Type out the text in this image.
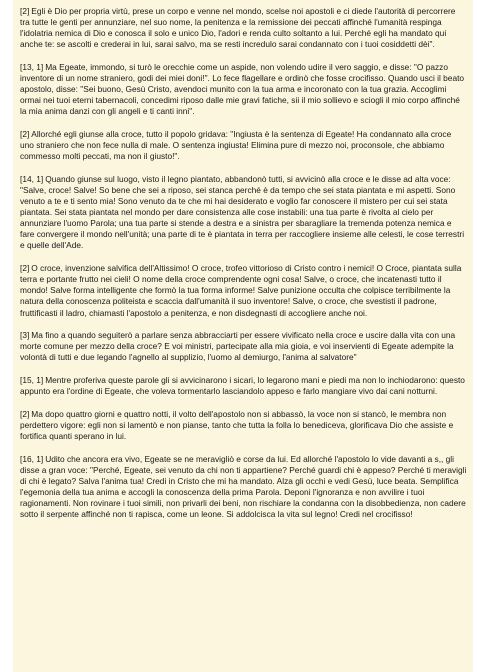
[2] Egli è Dio per propria virtù, prese un corpo e venne nel mondo, scelse noi apostoli e ci diede l'autorità di percorrere tra tutte le genti per annunziare, nel suo nome, la penitenza e la remissione dei peccati affinché l'umanità respinga l'idolatria nemica di Dio e conosca il solo e unico Dio, l'adori e renda culto soltanto a lui. Perché egli ha mandato qui anche te: se ascolti e crederai in lui, sarai salvo, ma se resti incredulo sarai condannato con i tuoi cosiddetti dèi".

[13, 1] Ma Egeate, immondo, si turò le orecchie come un aspide, non volendo udire il vero saggio, e disse: "O pazzo inventore di un nome straniero, godi dei miei doni!". Lo fece flagellare e ordinò che fosse crocifisso. Quando usci il beato apostolo, disse: "Sei buono, Gesù Cristo, avendoci munito con la tua arma e incoronato con la tua grazia. Accoglimi ormai nei tuoi eterni tabernacoli, concedimi riposo dalle mie gravi fatiche, sii il mio sollievo e sciogli il mio corpo affinché la mia anima danzi con gli angeli e ti canti inni".

[2] Allorché egli giunse alla croce, tutto il popolo gridava: "Ingiusta è la sentenza di Egeate! Ha condannato alla croce uno straniero che non fece nulla di male. O sentenza ingiusta! Elimina pure di mezzo noi, proconsole, che abbiamo commesso molti peccati, ma non il giusto!".

[14, 1] Quando giunse sul luogo, visto il legno piantato, abbandonò tutti, si avvicinò alla croce e le disse ad alta voce: "Salve, croce! Salve! So bene che sei a riposo, sei stanca perché è da tempo che sei stata piantata e mi aspetti. Sono venuto a te e ti sento mia! Sono venuto da te che mi hai desiderato e voglio far conoscere il mistero per cui sei stata piantata. Sei stata piantata nel mondo per dare consistenza alle cose instabili: una tua parte è rivolta al cielo per annunziare l'uomo Parola; una tua parte si stende a destra e a sinistra per sbaragliare la tremenda potenza nemica e fare convergere il mondo nell'unità; una parte di te è piantata in terra per raccogliere insieme alle celesti, le cose terrestri e quelle dell'Ade.

[2] O croce, invenzione salvifica dell'Altissimo! O croce, trofeo vittorioso di Cristo contro i nemici! O Croce, piantata sulla terra e portante frutto nei cieli! O nome della croce comprendente ogni cosa! Salve, o croce, che incatenasti tutto il mondo! Salve forma intelligente che formò la tua forma informe! Salve punizione occulta che colpisce terribilmente la natura della conoscenza politeista e scaccia dall'umanità il suo inventore! Salve, o croce, che svestisti il padrone, fruttificasti il ladro, chiamasti l'apostolo a penitenza, e non disdegnasti di accogliere anche noi.

[3] Ma fino a quando seguiterò a parlare senza abbracciarti per essere vivificato nella croce e uscire dalla vita con una morte comune per mezzo della croce? E voi ministri, partecipate alla mia gioia, e voi inservienti di Egeate adempite la volontà di tutti e due legando l'agnello al supplizio, l'uomo al demiurgo, l'anima al salvatore"

[15, 1] Mentre proferiva queste parole gli si avvicinarono i sicari, lo legarono mani e piedi ma non lo inchiodarono: questo appunto era l'ordine di Egeate, che voleva tormentarlo lasciandolo appeso e farlo mangiare vivo dai cani notturni.

[2] Ma dopo quattro giorni e quattro notti, il volto dell'apostolo non si abbassò, la voce non si stancò, le membra non perdettero vigore: egli non si lamentò e non pianse, tanto che tutta la folla lo benediceva, glorificava Dio che assiste e fortifica quanti sperano in lui.

[16, 1] Udito che ancora era vivo, Egeate se ne meravigliò e corse da lui. Ed allorché l'apostolo lo vide davanti a s,, gli disse a gran voce: "Perché, Egeate, sei venuto da chi non ti appartiene? Perché guardi chi è appeso? Perché ti meravigli di chi è legato? Salva l'anima tua! Credi in Cristo che mi ha mandato. Alza gli occhi e vedi Gesù, luce beata. Semplifica l'egemonia della tua anima e accogli la conoscenza della prima Parola. Deponi l'ignoranza e non avvilire i tuoi ragionamenti. Non rovinare i tuoi simili, non privarli dei beni, non rischiare la condanna con la disobbedienza, non cadere sotto il serpente affinché non ti rapisca, come un leone. Si addolcisca la vita sul legno! Credi nel crocifisso!
